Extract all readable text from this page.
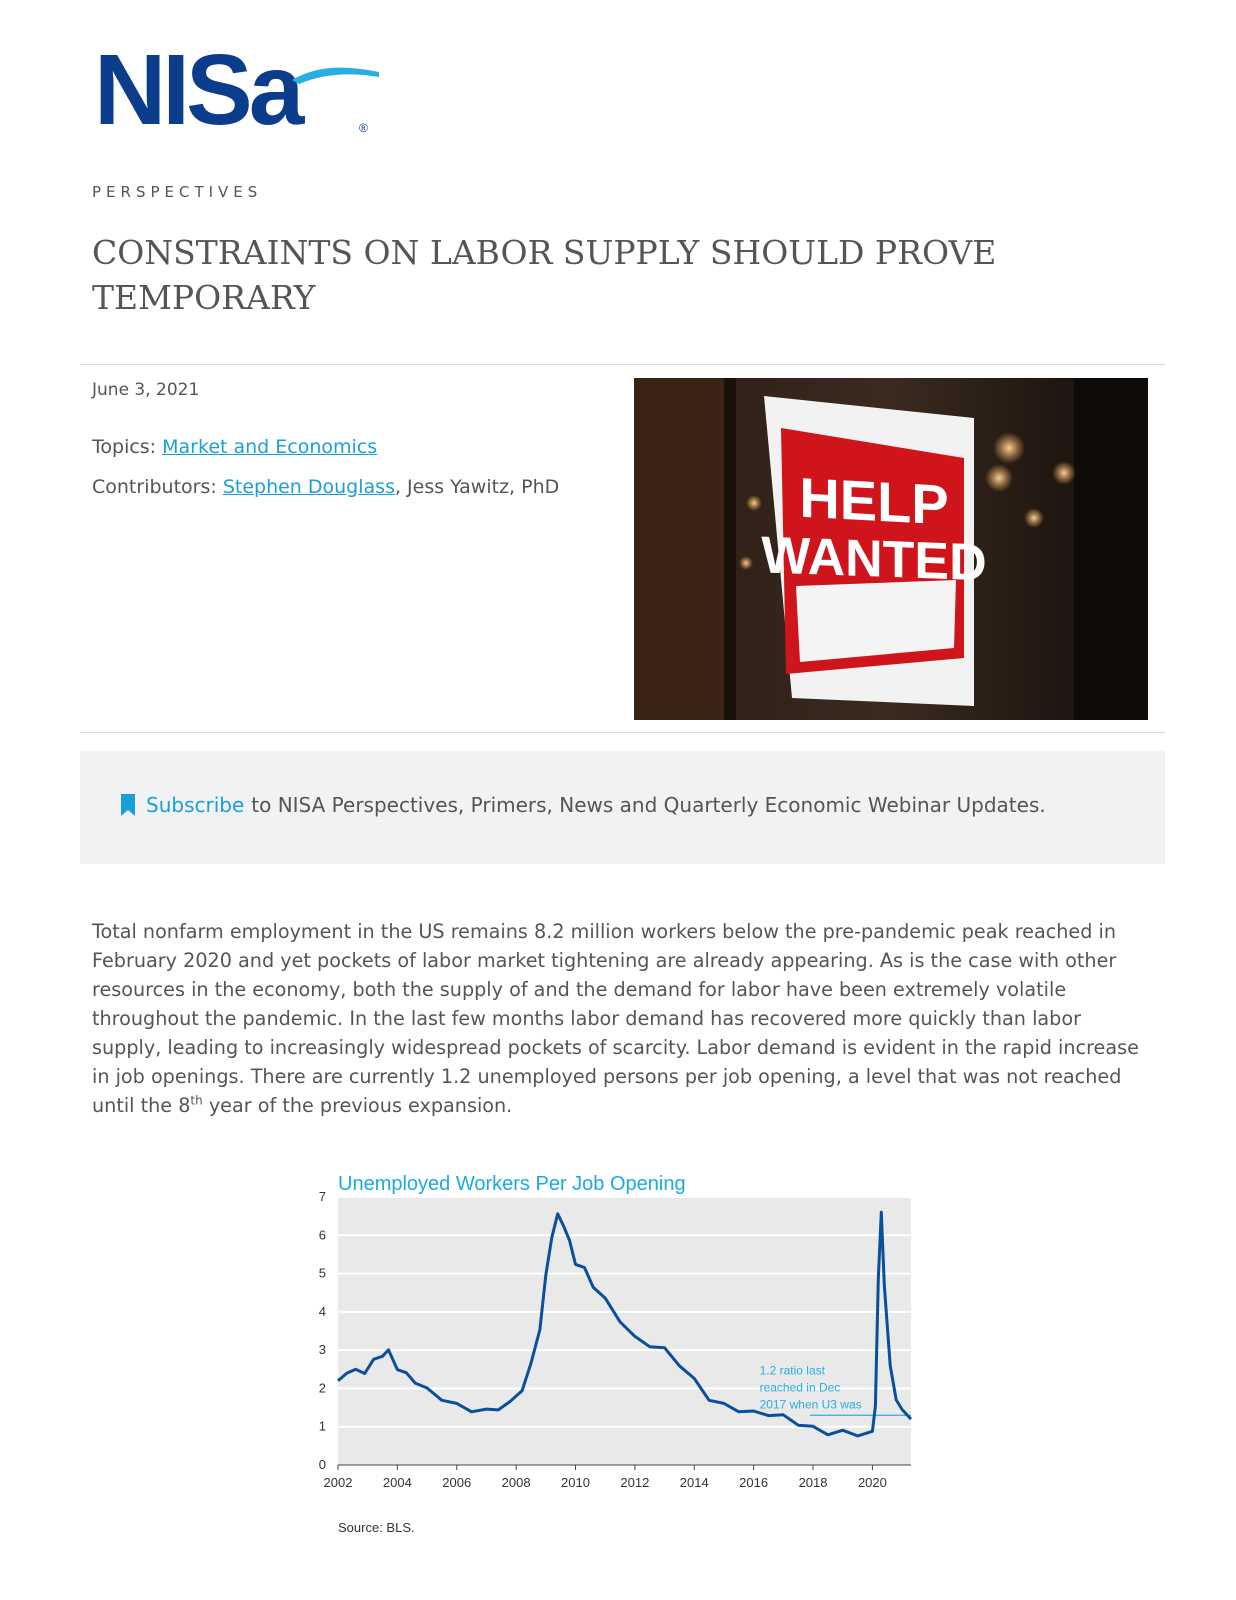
NISa	®
PERSPECTIVES
CONSTRAINTS ON LABOR SUPPLY SHOULD PROVE TEMPORARY
June 3, 2021
Topics: Market and Economics
Contributors: Stephen Douglass, Jess Yawitz, PhD	HELP
WANTED
Subscribe to NISA Perspectives, Primers, News and Quarterly Economic Webinar Updates.

Total nonfarm employment in the US remains 8.2 million workers below the pre-pandemic peak reached in February 2020 and yet pockets of labor market tightening are already appearing. As is the case with other resources in the economy, both the supply of and the demand for labor have been extremely volatile throughout the pandemic. In the last few months labor demand has recovered more quickly than labor supply, leading to increasingly widespread pockets of scarcity. Labor demand is evident in the rapid increase in job openings. There are currently 1.2 unemployed persons per job opening, a level that was not reached until the 8th year of the previous expansion.

Unemployed Workers Per Job Opening
0
1
2
3
4
5
6
7
2002 2004 2006 2008 2010 2012 2014 2016 2018 2020
1.2 ratio last
reached in Dec
2017 when U3 was
Source: BLS.
